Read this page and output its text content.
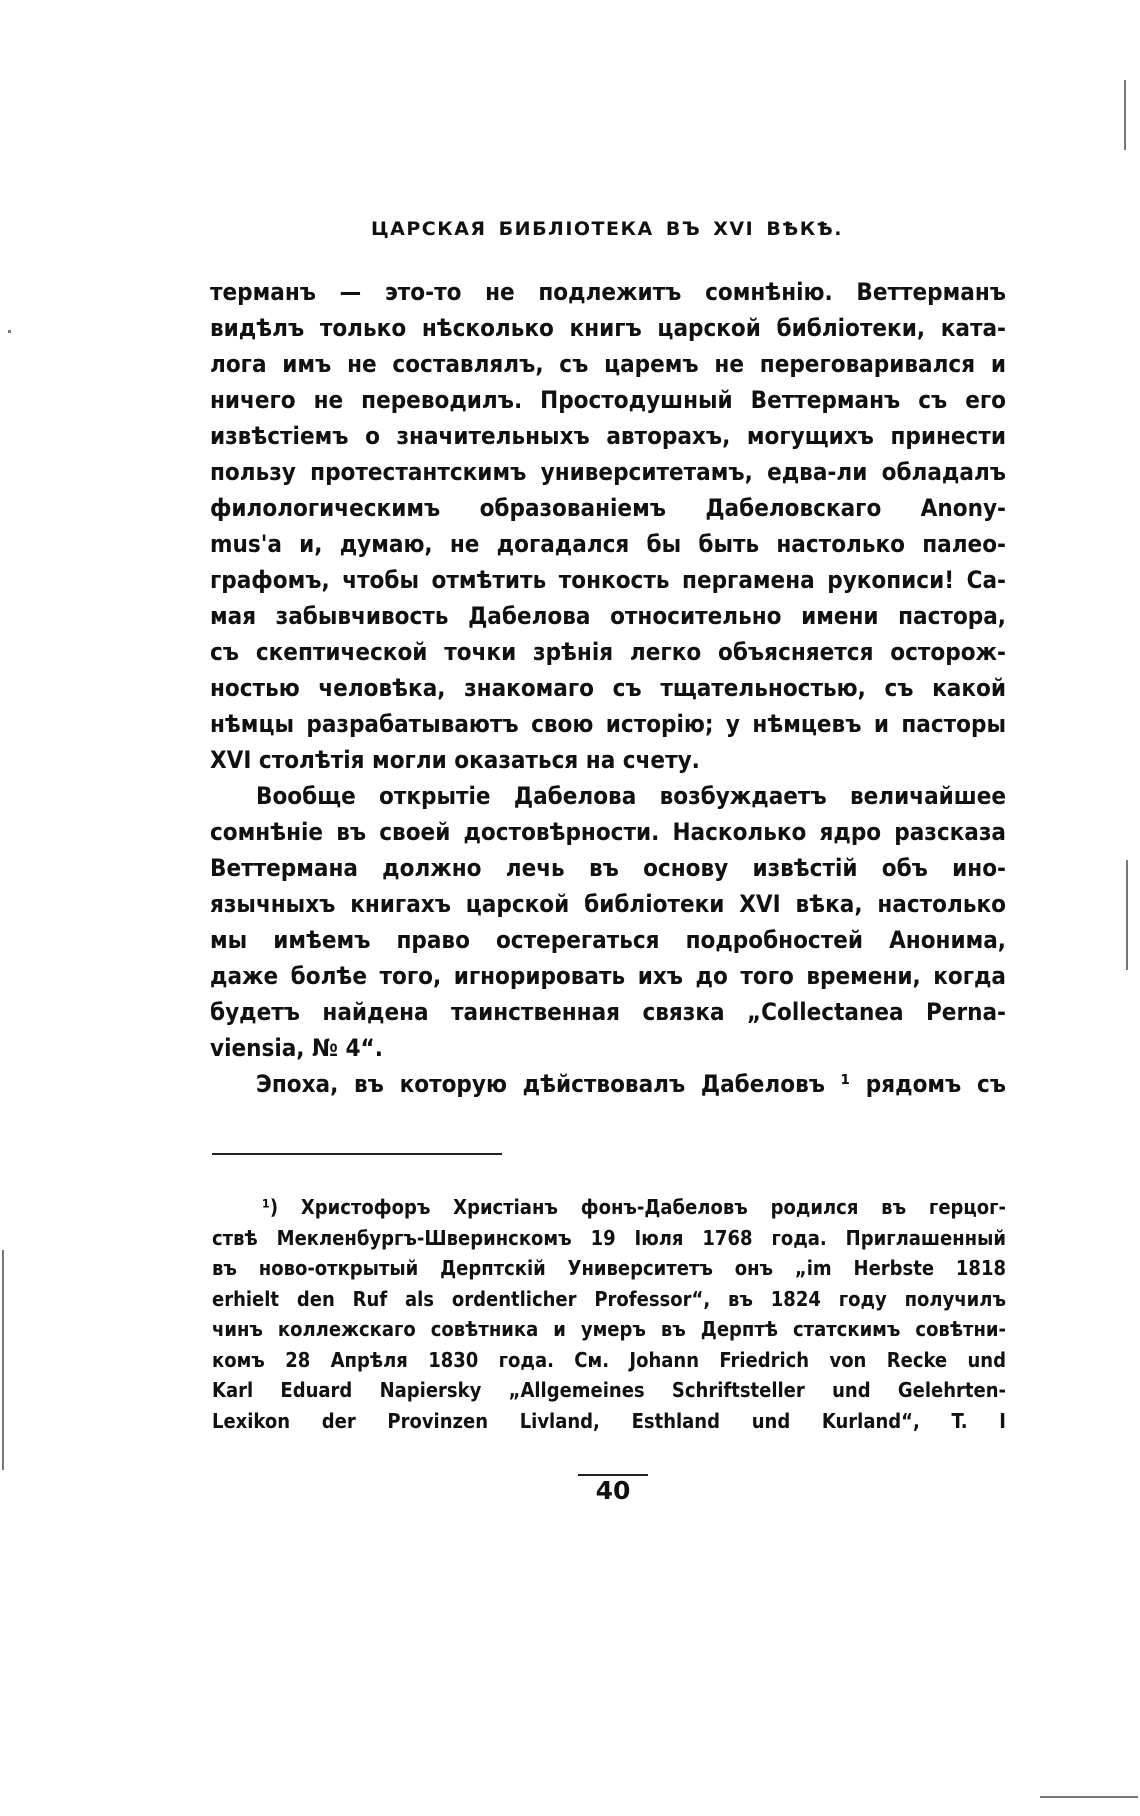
ЦАРСКАЯ БИБЛІОТЕКА ВЪ XVI ВѢКѢ.
терманъ — это-то не подлежитъ сомнѣнію. Веттерманъ
видѣлъ только нѣсколько книгъ царской библіотеки, ката-
лога имъ не составлялъ, съ царемъ не переговаривался и
ничего не переводилъ. Простодушный Веттерманъ съ его
извѣстіемъ о значительныхъ авторахъ, могущихъ принести
пользу протестантскимъ университетамъ, едва-ли обладалъ
филологическимъ образованіемъ Дабеловскаго Anony-
mus'а и, думаю, не догадался бы быть настолько палео-
графомъ, чтобы отмѣтить тонкость пергамена рукописи! Са-
мая забывчивость Дабелова относительно имени пастора,
съ скептической точки зрѣнія легко объясняется осторож-
ностью человѣка, знакомаго съ тщательностью, съ какой
нѣмцы разрабатываютъ свою исторію; у нѣмцевъ и пасторы
XVI столѣтія могли оказаться на счету.
Вообще открытіе Дабелова возбуждаетъ величайшее
сомнѣніе въ своей достовѣрности. Насколько ядро разсказа
Веттермана должно лечь въ основу извѣстій объ ино-
язычныхъ книгахъ царской библіотеки XVI вѣка, настолько
мы имѣемъ право остерегаться подробностей Анонима,
даже болѣе того, игнорировать ихъ до того времени, когда
будетъ найдена таинственная связка „Collectanea Perna-
viensia, № 4“.
Эпоха, въ которую дѣйствовалъ Дабеловъ ¹ рядомъ съ
¹) Христофоръ Христіанъ фонъ-Дабеловъ родился въ герцог-
ствѣ Мекленбургъ-Шверинскомъ 19 Іюля 1768 года. Приглашенный
въ ново-открытый Дерптскій Университетъ онъ „im Herbste 1818
erhielt den Ruf als ordentlicher Professor“, въ 1824 году получилъ
чинъ коллежскаго совѣтника и умеръ въ Дерптѣ статскимъ совѣтни-
комъ 28 Апрѣля 1830 года. См. Johann Friedrich von Recke und
Karl Eduard Napiersky „Allgemeines Schriftsteller und Gelehrten-
Lexikon der Provinzen Livland, Esthland und Kurland“, T. I
40
